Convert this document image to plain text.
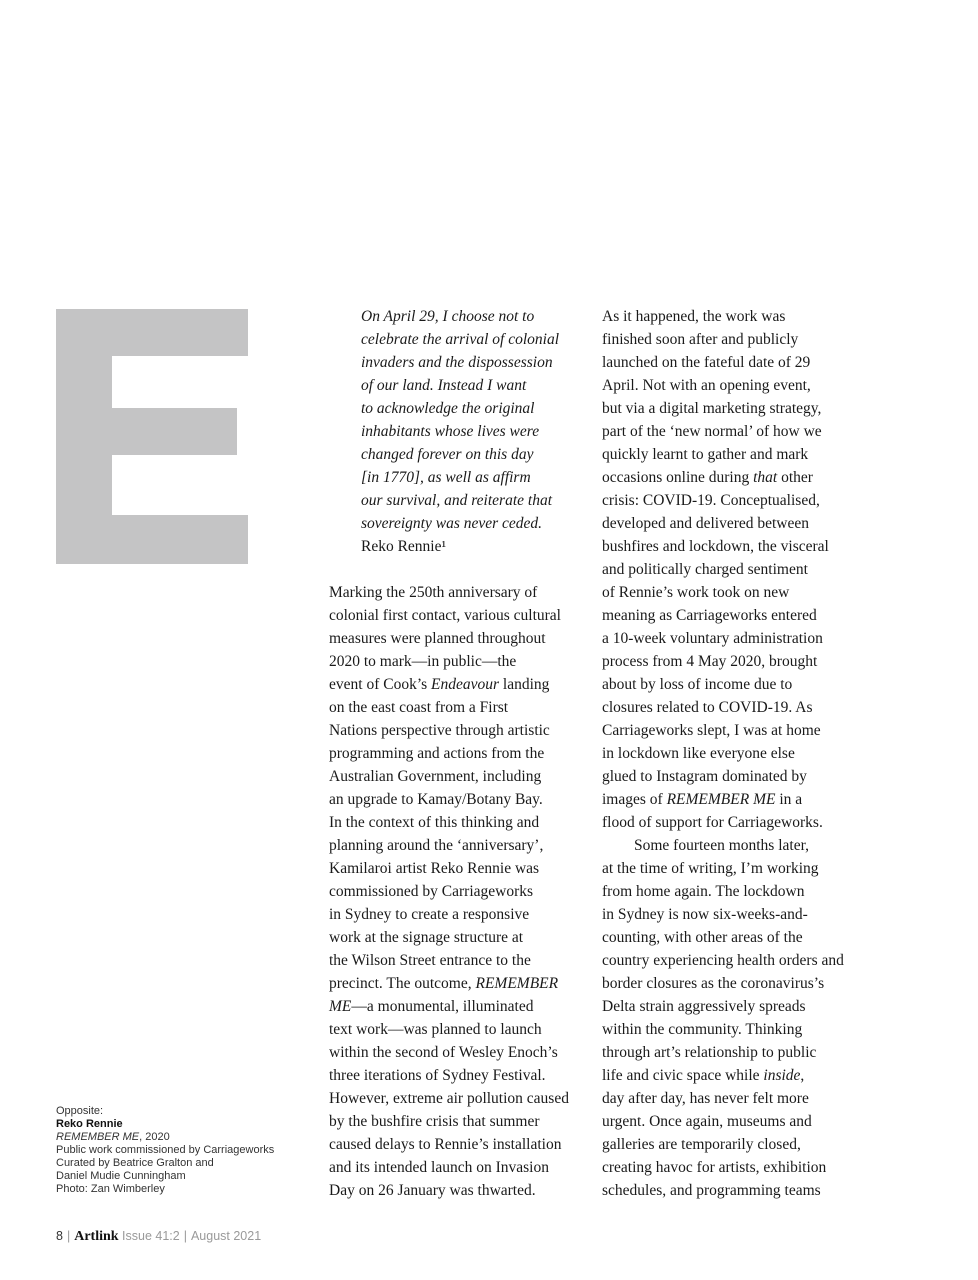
On April 29, I choose not to
celebrate the arrival of colonial
invaders and the dispossession
of our land. Instead I want
to acknowledge the original
inhabitants whose lives were
changed forever on this day
[in 1770], as well as affirm
our survival, and reiterate that
sovereignty was never ceded.
Reko Rennie¹
Marking the 250th anniversary of
colonial first contact, various cultural
measures were planned throughout
2020 to mark—in public—the
event of Cook’s Endeavour landing
on the east coast from a First
Nations perspective through artistic
programming and actions from the
Australian Government, including
an upgrade to Kamay/Botany Bay.
In the context of this thinking and
planning around the ‘anniversary’,
Kamilaroi artist Reko Rennie was
commissioned by Carriageworks
in Sydney to create a responsive
work at the signage structure at
the Wilson Street entrance to the
precinct. The outcome, REMEMBER
ME—a monumental, illuminated
text work—was planned to launch
within the second of Wesley Enoch’s
three iterations of Sydney Festival.
However, extreme air pollution caused
by the bushfire crisis that summer
caused delays to Rennie’s installation
and its intended launch on Invasion
Day on 26 January was thwarted.
As it happened, the work was
finished soon after and publicly
launched on the fateful date of 29
April. Not with an opening event,
but via a digital marketing strategy,
part of the ‘new normal’ of how we
quickly learnt to gather and mark
occasions online during that other
crisis: COVID-19. Conceptualised,
developed and delivered between
bushfires and lockdown, the visceral
and politically charged sentiment
of Rennie’s work took on new
meaning as Carriageworks entered
a 10-week voluntary administration
process from 4 May 2020, brought
about by loss of income due to
closures related to COVID-19. As
Carriageworks slept, I was at home
in lockdown like everyone else
glued to Instagram dominated by
images of REMEMBER ME in a
flood of support for Carriageworks.
Some fourteen months later,
at the time of writing, I’m working
from home again. The lockdown
in Sydney is now six-weeks-and-
counting, with other areas of the
country experiencing health orders and
border closures as the coronavirus’s
Delta strain aggressively spreads
within the community. Thinking
through art’s relationship to public
life and civic space while inside,
day after day, has never felt more
urgent. Once again, museums and
galleries are temporarily closed,
creating havoc for artists, exhibition
schedules, and programming teams
Opposite:
Reko Rennie
REMEMBER ME, 2020
Public work commissioned by Carriageworks
Curated by Beatrice Gralton and
Daniel Mudie Cunningham
Photo: Zan Wimberley
8 | Artlink Issue 41:2 | August 2021
